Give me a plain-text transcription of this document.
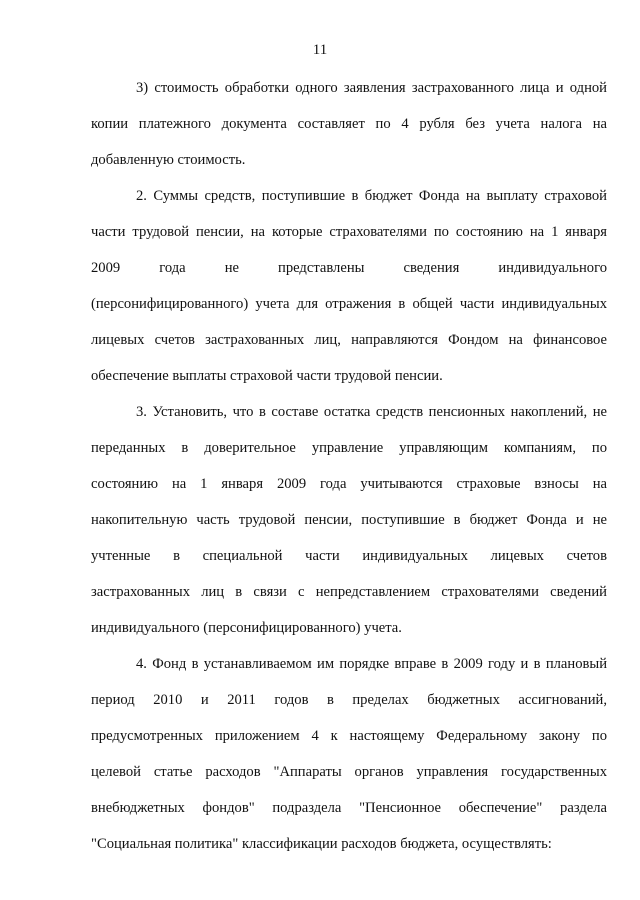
11
3) стоимость обработки одного заявления застрахованного лица и одной
копии платежного документа составляет по 4 рубля без учета налога на
добавленную стоимость.
2. Суммы средств, поступившие в бюджет Фонда на выплату страховой
части трудовой пенсии, на которые страхователями по состоянию на 1 января
2009 года не представлены сведения индивидуального
(персонифицированного) учета для отражения в общей части индивидуальных
лицевых счетов застрахованных лиц, направляются Фондом на финансовое
обеспечение выплаты страховой части трудовой пенсии.
3. Установить, что в составе остатка средств пенсионных накоплений, не
переданных в доверительное управление управляющим компаниям, по
состоянию на 1 января 2009 года учитываются страховые взносы на
накопительную часть трудовой пенсии, поступившие в бюджет Фонда и не
учтенные в специальной части индивидуальных лицевых счетов
застрахованных лиц в связи с непредставлением страхователями сведений
индивидуального (персонифицированного) учета.
4. Фонд в устанавливаемом им порядке вправе в 2009 году и в плановый
период 2010 и 2011 годов в пределах бюджетных ассигнований,
предусмотренных приложением 4 к настоящему Федеральному закону по
целевой статье расходов "Аппараты органов управления государственных
внебюджетных фондов" подраздела "Пенсионное обеспечение" раздела
"Социальная политика" классификации расходов бюджета, осуществлять:
